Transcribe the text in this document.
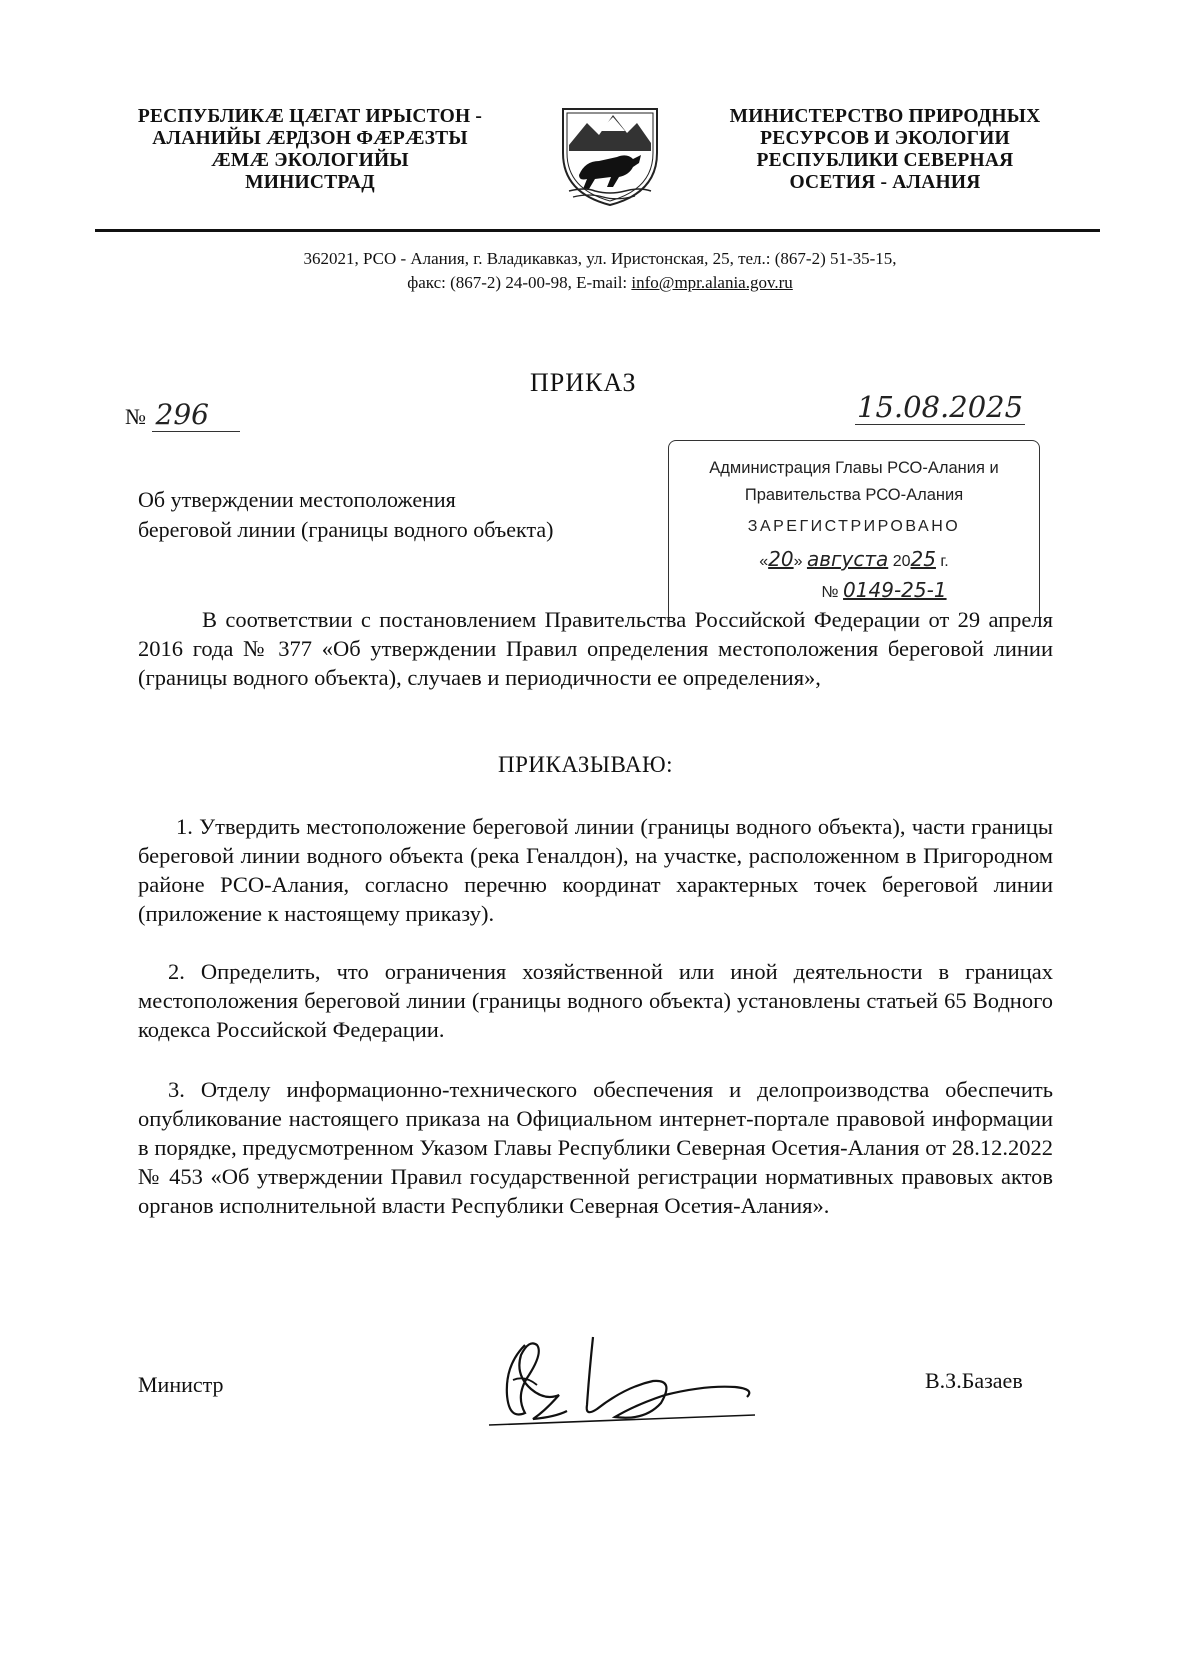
РЕСПУБЛИКÆ ЦÆГАТ ИРЫСТОН -
АЛАНИЙЫ ÆРДЗОН ФÆРÆЗТЫ
ÆМÆ ЭКОЛОГИЙЫ
МИНИСТРАД
МИНИСТЕРСТВО ПРИРОДНЫХ
РЕСУРСОВ И ЭКОЛОГИИ
РЕСПУБЛИКИ СЕВЕРНАЯ
ОСЕТИЯ - АЛАНИЯ
362021, РСО - Алания, г. Владикавказ, ул. Иристонская, 25, тел.: (867-2) 51-35-15,
факс: (867-2) 24-00-98, E-mail: info@mpr.alania.gov.ru
ПРИКАЗ
№ 296	15.08.2025
Об утверждении местоположения
береговой линии (границы водного объекта)
Администрация Главы РСО-Алания и
Правительства РСО-Алания
ЗАРЕГИСТРИРОВАНО
«20» августа 2025 г.
№ 0149-25-1
В соответствии с постановлением Правительства Российской Федерации от 29 апреля 2016 года № 377 «Об утверждении Правил определения местоположения береговой линии (границы водного объекта), случаев и периодичности ее определения»,
ПРИКАЗЫВАЮ:
1. Утвердить местоположение береговой линии (границы водного объекта), части границы береговой линии водного объекта (река Геналдон), на участке, расположенном в Пригородном районе РСО-Алания, согласно перечню координат характерных точек береговой линии (приложение к настоящему приказу).
2. Определить, что ограничения хозяйственной или иной деятельности в границах местоположения береговой линии (границы водного объекта) установлены статьей 65 Водного кодекса Российской Федерации.
3. Отделу информационно-технического обеспечения и делопроизводства обеспечить опубликование настоящего приказа на Официальном интернет-портале правовой информации в порядке, предусмотренном Указом Главы Республики Северная Осетия-Алания от 28.12.2022 № 453 «Об утверждении Правил государственной регистрации нормативных правовых актов органов исполнительной власти Республики Северная Осетия-Алания».
Министр	В.З.Базаев
